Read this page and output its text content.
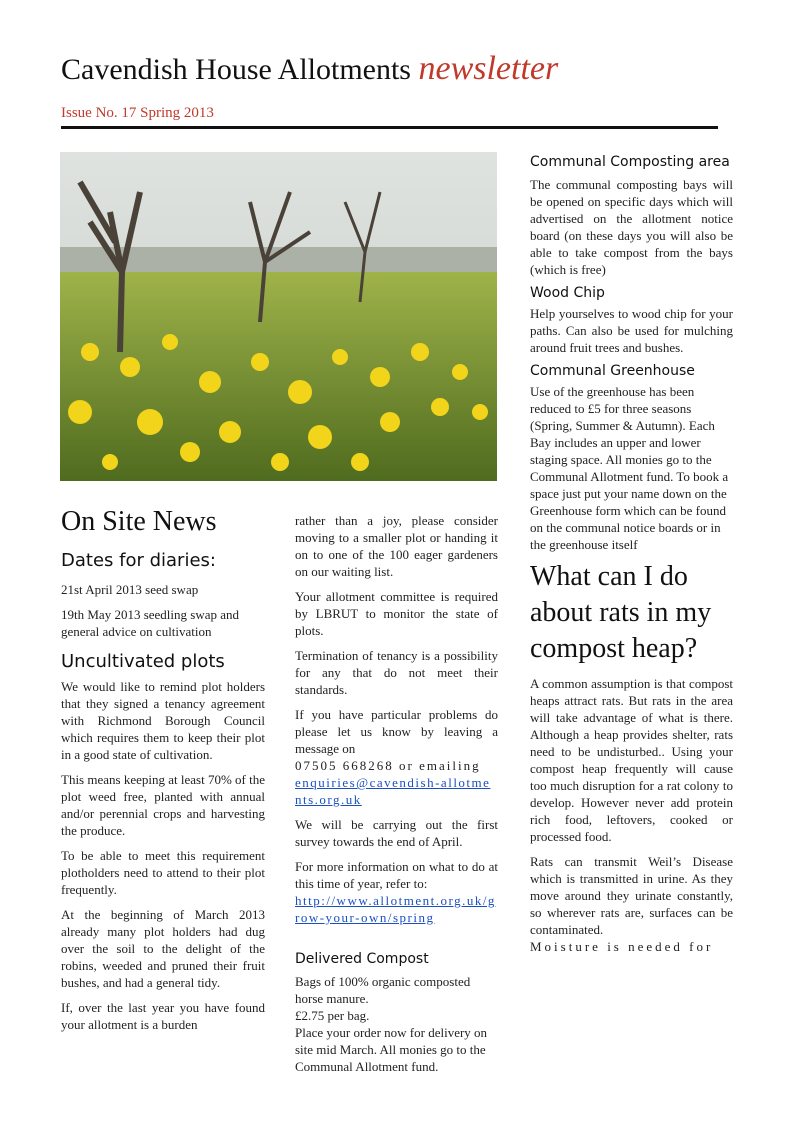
Cavendish House Allotments newsletter
Issue No. 17 Spring 2013
On Site News
Dates for diaries:

21st April 2013 seed swap

19th May 2013 seedling swap and general advice on cultivation

Uncultivated plots

We would like to remind plot holders that they signed a tenancy agreement with Richmond Borough Council which requires them to keep their plot in a good state of cultivation.

This means keeping at least 70% of the plot weed free, planted with annual and/or perennial crops and harvesting the produce.

To be able to meet this requirement plotholders need to attend to their plot frequently.

At the beginning of March 2013 already many plot holders had dug over the soil to the delight of the robins, weeded and pruned their fruit bushes, and had a general tidy.

If, over the last year you have found your allotment is a burden

rather than a joy, please consider moving to a smaller plot or handing it on to one of the 100 eager gardeners on our waiting list.

Your allotment committee is required by LBRUT to monitor the state of plots.

Termination of tenancy is a possibility for any that do not meet their standards.

If you have particular problems do please let us know by leaving a message on

07505 668268 or emailing

enquiries@cavendish-allotments.org.uk

We will be carrying out the first survey towards the end of April.

For more information on what to do at this time of year, refer to:

http://www.allotment.org.uk/grow-your-own/spring

Delivered Compost

Bags of 100% organic composted horse manure.

£2.75 per bag.

Place your order now for delivery on site mid March. All monies go to the Communal Allotment fund.

Communal Composting area

The communal composting bays will be opened on specific days which will advertised on the allotment notice board (on these days you will also be able to take compost from the bays (which is free)

Wood Chip

Help yourselves to wood chip for your paths. Can also be used for mulching around fruit trees and bushes.

Communal Greenhouse

Use of the greenhouse has been reduced to £5 for three seasons (Spring, Summer & Autumn). Each Bay includes an upper and lower staging space. All monies go to the Communal Allotment fund. To book a space just put your name down on the Greenhouse form which can be found on the communal notice boards or in the greenhouse itself

What can I do about rats in my compost heap?

A common assumption is that compost heaps attract rats. But rats in the area will take advantage of what is there. Although a heap provides shelter, rats need to be undisturbed.. Using your compost heap frequently will cause too much disruption for a rat colony to develop. However never add protein rich food, leftovers, cooked or processed food.

Rats can transmit Weil’s Disease which is transmitted in urine. As they move around they urinate constantly, so wherever rats are, surfaces can be contaminated.

Moisture is needed for
